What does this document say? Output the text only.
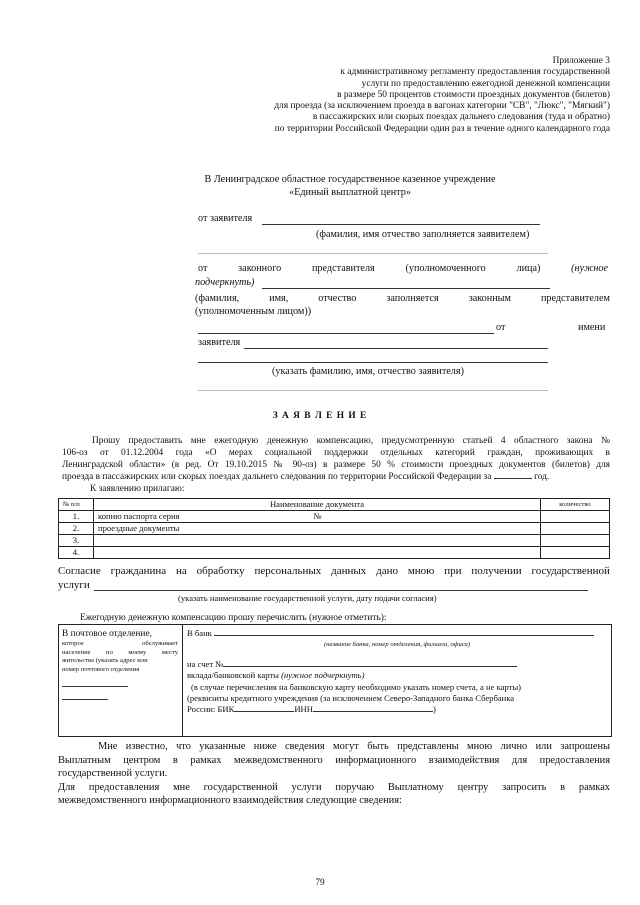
Приложение 3
к административному регламенту предоставления государственной
услуги по предоставлению ежегодной денежной компенсации
в размере 50 процентов стоимости проездных документов (билетов)
для проезда (за исключением проезда в вагонах категории "СВ", "Люкс", "Мягкий")
в пассажирских или скорых поездах дальнего следования (туда и обратно)
по территории Российской Федерации один раз в течение одного календарного года
В Ленинградское областное государственное казенное учреждение
«Единый выплатной центр»
от заявителя
(фамилия, имя отчество заполняется заявителем)
от	законного	представителя	(уполномоченного	лица)	(нужное
подчеркнуть)
(фамилия,	имя,	отчество	заполняется	законным	представителем
(уполномоченным лицом))
от	имени
заявителя
(указать фамилию, имя, отчество заявителя)
З А Я В Л Е Н И Е
Прошу предоставить мне ежегодную денежную компенсацию, предусмотренную статьей 4 областного закона №
106-оз от 01.12.2004 года «О мерах социальной поддержки отдельных категорий граждан, проживающих в
Ленинградской области» (в ред. От 19.10.2015 № 90-оз) в размере 50 % стоимости проездных документов (билетов) для
проезда в пассажирских или скорых поездах дальнего следования по территории Российской Федерации за	год.
К заявлению прилагаю:
№ п/п	Наименование документа	количество
1.	копию паспорта серия №	
2.	проездные документы	
3.		
4.		
Согласие гражданина на обработку персональных данных дано мною при получении государственной
услуги
(указать наименование государственной услуги, дату подачи согласия)
Ежегодную денежную компенсацию прошу перечислить (нужное отметить):
В почтовое отделение,
которое обслуживает
население по моему месту
жительства (указать адрес или
номер почтового отделения
В банк
(название банка, номер отделения, филиала, офиса)
на счет №
вклада/банковской карты (нужное подчеркнуть)
(в случае перечисления на банковскую карту необходимо указать номер счета, а не карты)
(реквизиты кредитного учреждения (за исключением Северо-Западного банка Сбербанка
России: БИК	ИНН	)
Мне известно, что указанные ниже сведения могут быть представлены мною лично или запрошены
Выплатным центром в рамках межведомственного информационного взаимодействия для предоставления
государственной услуги.
Для предоставления мне государственной услуги поручаю Выплатному центру запросить в рамках
межведомственного информационного взаимодействия следующие сведения:
79
